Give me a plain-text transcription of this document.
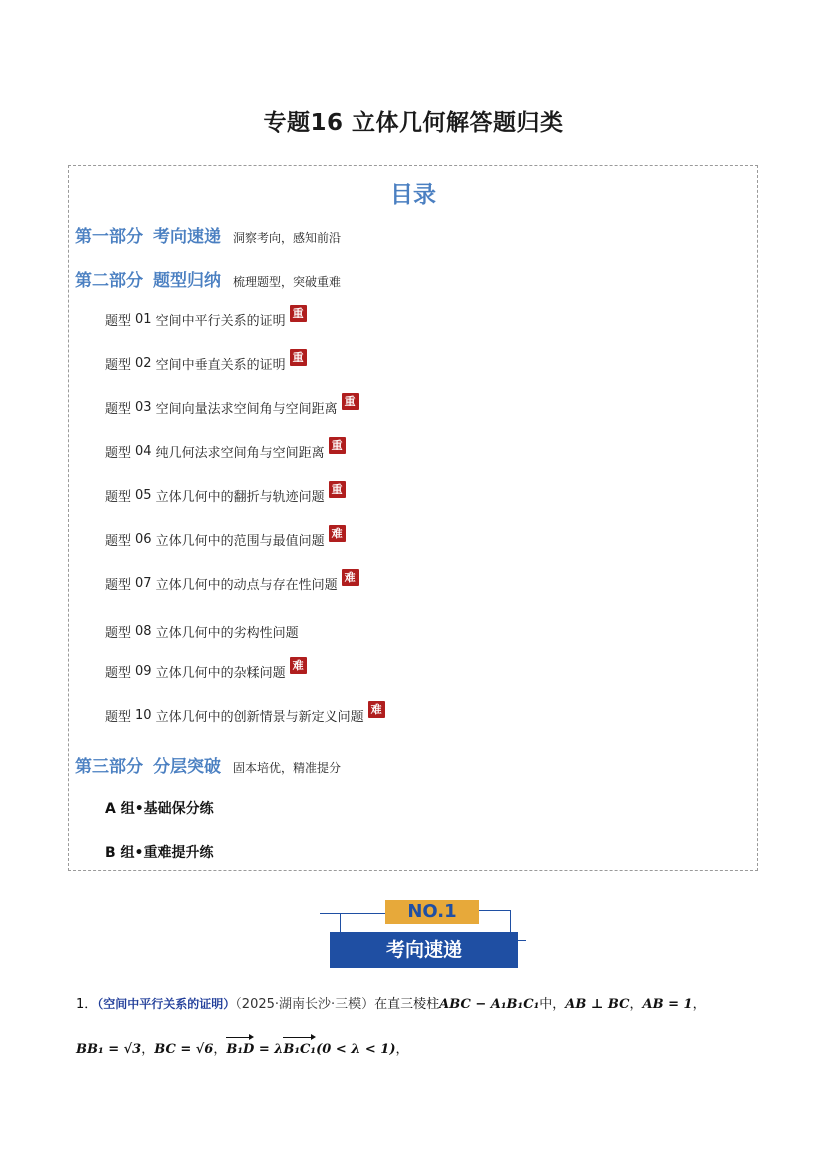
专题16 立体几何解答题归类
目录
第一部分 考向速递 洞察考向，感知前沿
第二部分 题型归纳 梳理题型，突破重难
题型 01 空间中平行关系的证明
重
题型 02 空间中垂直关系的证明
重
题型 03 空间向量法求空间角与空间距离
重
题型 04 纯几何法求空间角与空间距离
重
题型 05 立体几何中的翻折与轨迹问题
重
题型 06 立体几何中的范围与最值问题
难
题型 07 立体几何中的动点与存在性问题
难
题型 08 立体几何中的劣构性问题
题型 09 立体几何中的杂糅问题
难
题型 10 立体几何中的创新情景与新定义问题
难
第三部分 分层突破 固本培优，精准提分
A 组•基础保分练
B 组•重难提升练
NO.1
考向速递
1．（空间中平行关系的证明）（2025·湖南长沙·三模）在直三棱柱ABC − A₁B₁C₁中，AB ⊥ BC，AB = 1，
BB₁ = √3，BC = √6，B₁D = λB₁C₁(0 < λ < 1)，
